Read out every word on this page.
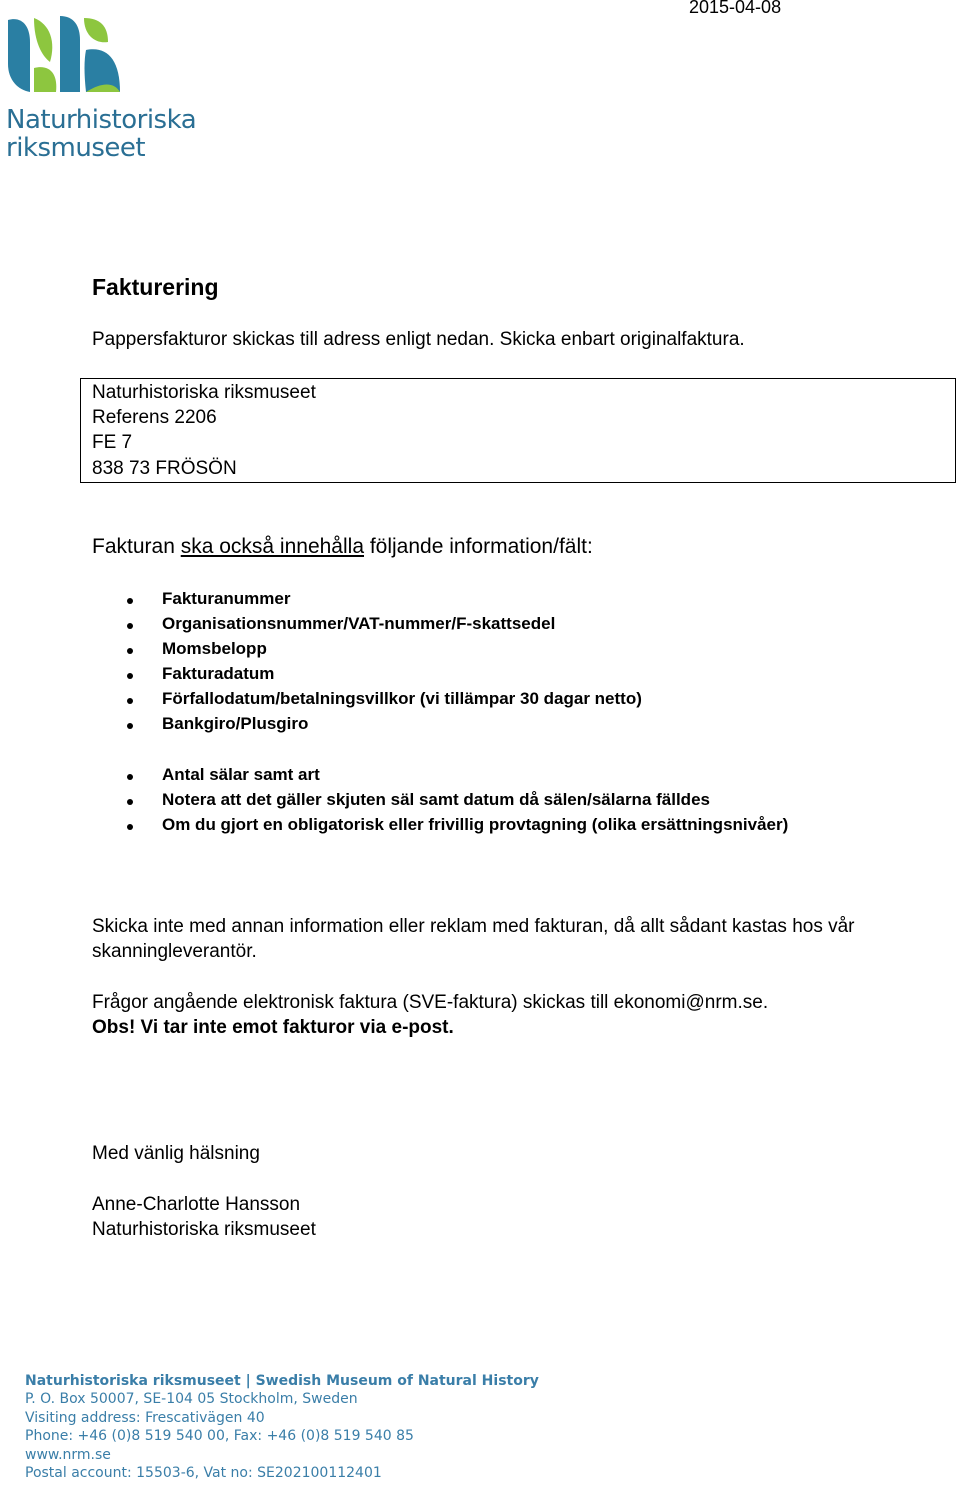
2015-04-08
Naturhistoriska
riksmuseet
Fakturering
Pappersfakturor skickas till adress enligt nedan. Skicka enbart originalfaktura.
Naturhistoriska riksmuseet
Referens 2206
FE 7
838 73 FRÖSÖN
Fakturan ska också innehålla följande information/fält:
Fakturanummer
Organisationsnummer/VAT-nummer/F-skattsedel
Momsbelopp
Fakturadatum
Förfallodatum/betalningsvillkor (vi tillämpar 30 dagar netto)
Bankgiro/Plusgiro
Antal sälar samt art
Notera att det gäller skjuten säl samt datum då sälen/sälarna fälldes
Om du gjort en obligatorisk eller frivillig provtagning (olika ersättningsnivåer)
Skicka inte med annan information eller reklam med fakturan, då allt sådant kastas hos vår
skanningleverantör.
Frågor angående elektronisk faktura (SVE-faktura) skickas till ekonomi@nrm.se.
Obs! Vi tar inte emot fakturor via e-post.
Med vänlig hälsning
Anne-Charlotte Hansson
Naturhistoriska riksmuseet
Naturhistoriska riksmuseet | Swedish Museum of Natural History
P. O. Box 50007, SE-104 05 Stockholm, Sweden
Visiting address: Frescativägen 40
Phone: +46 (0)8 519 540 00, Fax: +46 (0)8 519 540 85
www.nrm.se
Postal account: 15503-6, Vat no: SE202100112401
